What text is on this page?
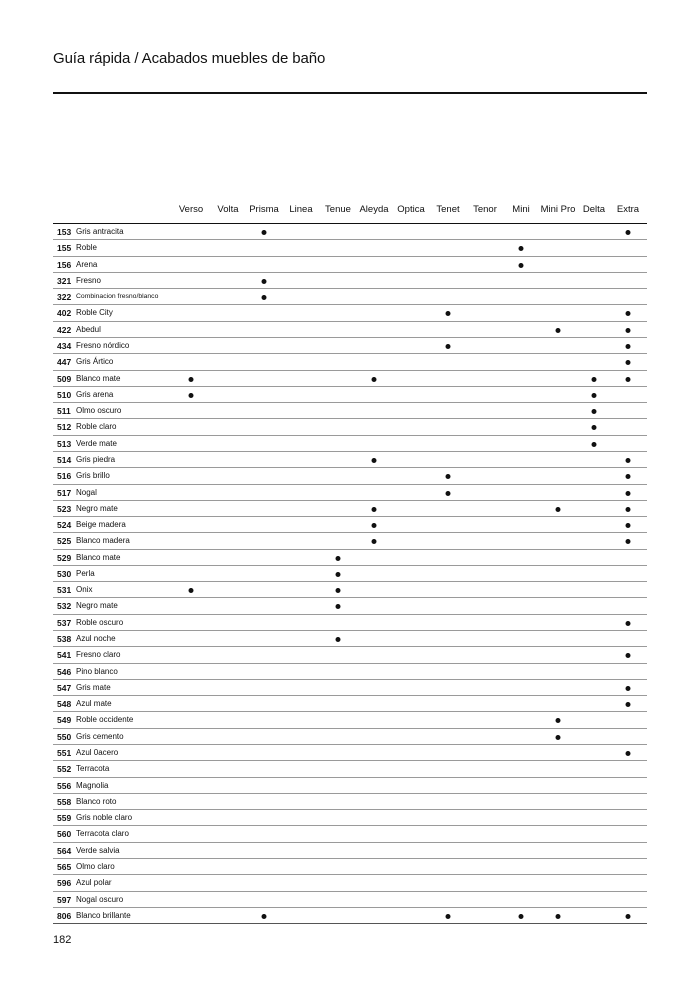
Guía rápida / Acabados muebles de baño
Verso Volta Prisma Linea Tenue Aleyda Optica Tenet Tenor Mini Mini Pro Delta Extra
153 Gris antracita
155 Roble
156 Arena
321 Fresno
322 Combinacion fresno/blanco
402 Roble City
422 Abedul
434 Fresno nórdico
447 Gris Ártico
509 Blanco mate
510 Gris arena
511 Olmo oscuro
512 Roble claro
513 Verde mate
514 Gris piedra
516 Gris brillo
517 Nogal
523 Negro mate
524 Beige madera
525 Blanco madera
529 Blanco mate
530 Perla
531 Onix
532 Negro mate
537 Roble oscuro
538 Azul noche
541 Fresno claro
546 Pino blanco
547 Gris mate
548 Azul mate
549 Roble occidente
550 Gris cemento
551 Azul 0acero
552 Terracota
556 Magnolia
558 Blanco roto
559 Gris noble claro
560 Terracota claro
564 Verde salvia
565 Olmo claro
596 Azul polar
597 Nogal oscuro
806 Blanco brillante
182
